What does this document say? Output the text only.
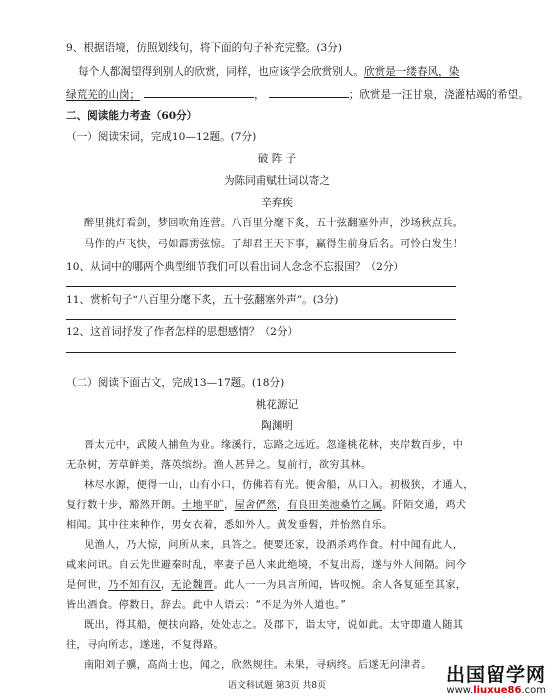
9、根据语境，仿照划线句，将下面的句子补充完整。(3分)
每个人都渴望得到别人的欣赏，同样，也应该学会欣赏别人。欣赏是一缕春风，染
绿荒芜的山岗；	，	；欣赏是一汪甘泉，浇灌枯竭的希望。
二、阅读能力考查（60分）
（一）阅读宋词，完成10—12题。(7分)
破 阵 子
为陈同甫赋壮词以寄之
辛弃疾
醉里挑灯看剑，梦回吹角连营。八百里分麾下炙，五十弦翻塞外声，沙场秋点兵。
马作的卢飞快，弓如霹雳弦惊。了却君王天下事，赢得生前身后名。可怜白发生！
10、从词中的哪两个典型细节我们可以看出词人念念不忘报国？（2分）
11、赏析句子“八百里分麾下炙，五十弦翻塞外声”。(3分)
12、这首词抒发了作者怎样的思想感情？（2分）
（二）阅读下面古文，完成13—17题。(18分)
桃花源记
陶渊明
晋太元中，武陵人捕鱼为业。缘溪行，忘路之远近。忽逢桃花林，夹岸数百步，中
无杂树，芳草鲜美，落英缤纷。渔人甚异之。复前行，欲穷其林。
林尽水源，便得一山，山有小口，仿佛若有光。便舍船，从口入。初极狭，才通人，
复行数十步，豁然开朗。土地平旷，屋舍俨然，有良田美池桑竹之属。阡陌交通，鸡犬
相闻。其中往来种作，男女衣着，悉如外人。黄发垂髫，并怡然自乐。
见渔人，乃大惊，问所从来，具答之。便要还家，设酒杀鸡作食。村中闻有此人，
咸来问讯。自云先世避秦时乱，率妻子邑人来此绝境，不复出焉，遂与外人间隔。问今
是何世，乃不知有汉，无论魏晋。此人一一为具言所闻，皆叹惋。余人各复延至其家，
皆出酒食。停数日，辞去。此中人语云：“不足为外人道也。”
既出，得其船，便扶向路，处处志之。及郡下，诣太守，说如此。太守即遣人随其
往，寻向所志，遂迷，不复得路。
南阳刘子骥，高尚士也，闻之，欣然规往。未果，寻病终。后遂无问津者。
语文科试题 第3页 共8页	出国留学网
www.liuxue86.com
